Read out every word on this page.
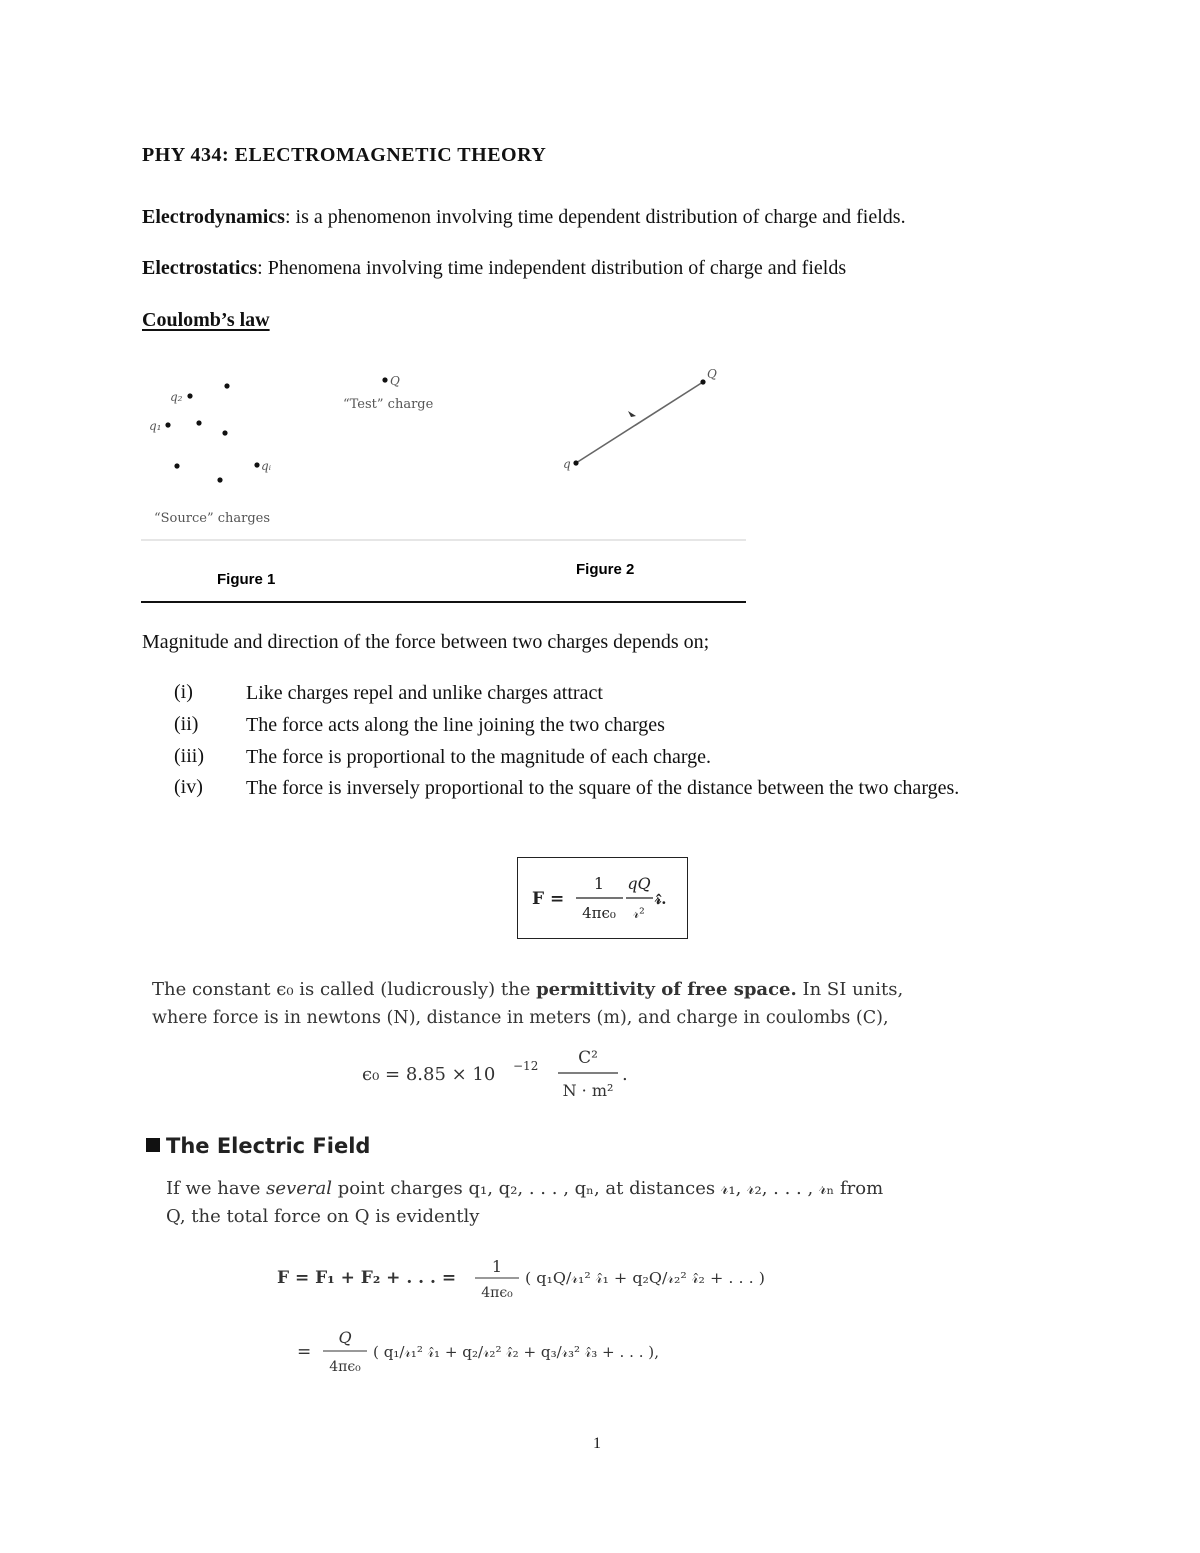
PHY 434: ELECTROMAGNETIC THEORY
Electrodynamics: is a phenomenon involving time dependent distribution of charge and fields.
Electrostatics: Phenomena involving time independent distribution of charge and fields
Coulomb’s law
q₂
q₁
qᵢ
Q	Q
q
“Test” charge
“Source” charges
Figure 1
Figure 2
Magnitude and direction of the force between two charges depends on;
(i)	Like charges repel and unlike charges attract
(ii) The force acts along the line joining the two charges
(iii) The force is proportional to the magnitude of each charge.
(iv) The force is inversely proportional to the square of the distance between the two charges.
F =
1
4πϵ₀
qQ
𝓇²
𝓇̂.
The constant ϵ₀ is called (ludicrously) the permittivity of free space. In SI units,
where force is in newtons (N), distance in meters (m), and charge in coulombs (C),
ϵ₀ = 8.85 × 10 −12 C²
N · m²
.
The Electric Field
If we have several point charges q₁, q₂, . . . , qₙ, at distances 𝓇₁, 𝓇₂, . . . , 𝓇ₙ from
Q, the total force on Q is evidently
F = F₁ + F₂ + . . . =
1
4πϵ₀
( q₁Q/𝓇₁² 𝓇̂₁ + q₂Q/𝓇₂² 𝓇̂₂ + . . . )
=
Q
4πϵ₀
( q₁/𝓇₁² 𝓇̂₁ + q₂/𝓇₂² 𝓇̂₂ + q₃/𝓇₃² 𝓇̂₃ + . . . ),
1
